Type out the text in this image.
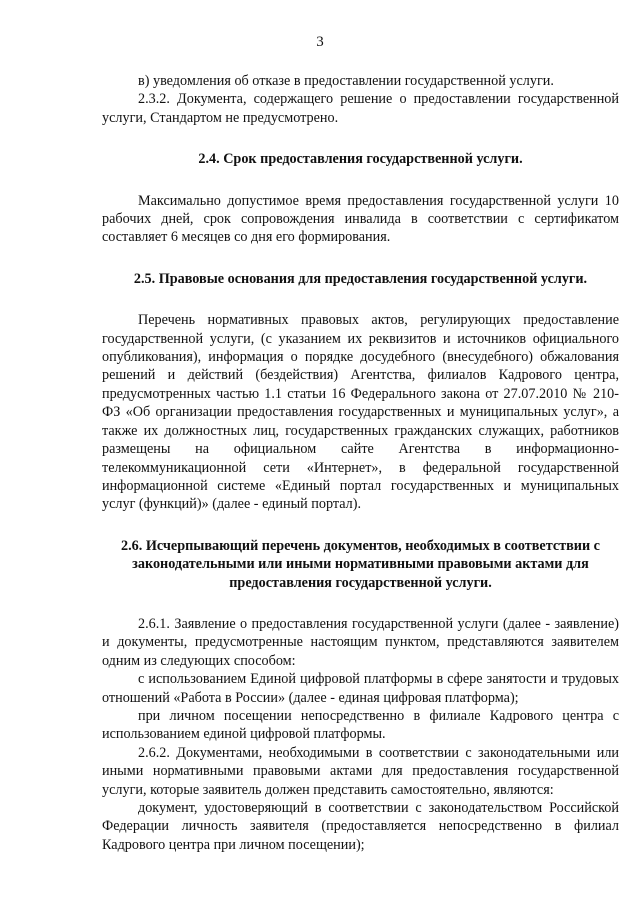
3

в) уведомления об отказе в предоставлении государственной услуги.

2.3.2. Документа, содержащего решение о предоставлении государственной услуги, Стандартом не предусмотрено.

2.4. Срок предоставления государственной услуги.

Максимально допустимое время предоставления государственной услуги 10 рабочих дней, срок сопровождения инвалида в соответствии с сертификатом составляет 6 месяцев со дня его формирования.

2.5. Правовые основания для предоставления государственной услуги.

Перечень нормативных правовых актов, регулирующих предоставление государственной услуги, (с указанием их реквизитов и источников официального опубликования), информация о порядке досудебного (внесудебного) обжалования решений и действий (бездействия) Агентства, филиалов Кадрового центра, предусмотренных частью 1.1 статьи 16 Федерального закона от 27.07.2010 № 210-ФЗ «Об организации предоставления государственных и муниципальных услуг», а также их должностных лиц, государственных гражданских служащих, работников размещены на официальном сайте Агентства в информационно-телекоммуникационной сети «Интернет», в федеральной государственной информационной системе «Единый портал государственных и муниципальных услуг (функций)» (далее - единый портал).

2.6. Исчерпывающий перечень документов, необходимых в соответствии с законодательными или иными нормативными правовыми актами для предоставления государственной услуги.

2.6.1. Заявление о предоставления государственной услуги (далее - заявление) и документы, предусмотренные настоящим пунктом, представляются заявителем одним из следующих способом:

с использованием Единой цифровой платформы в сфере занятости и трудовых отношений «Работа в России» (далее - единая цифровая платформа);

при личном посещении непосредственно в филиале Кадрового центра с использованием единой цифровой платформы.

2.6.2. Документами, необходимыми в соответствии с законодательными или иными нормативными правовыми актами для предоставления государственной услуги, которые заявитель должен представить самостоятельно, являются:

документ, удостоверяющий в соответствии с законодательством Российской Федерации личность заявителя (предоставляется непосредственно в филиал Кадрового центра при личном посещении);
